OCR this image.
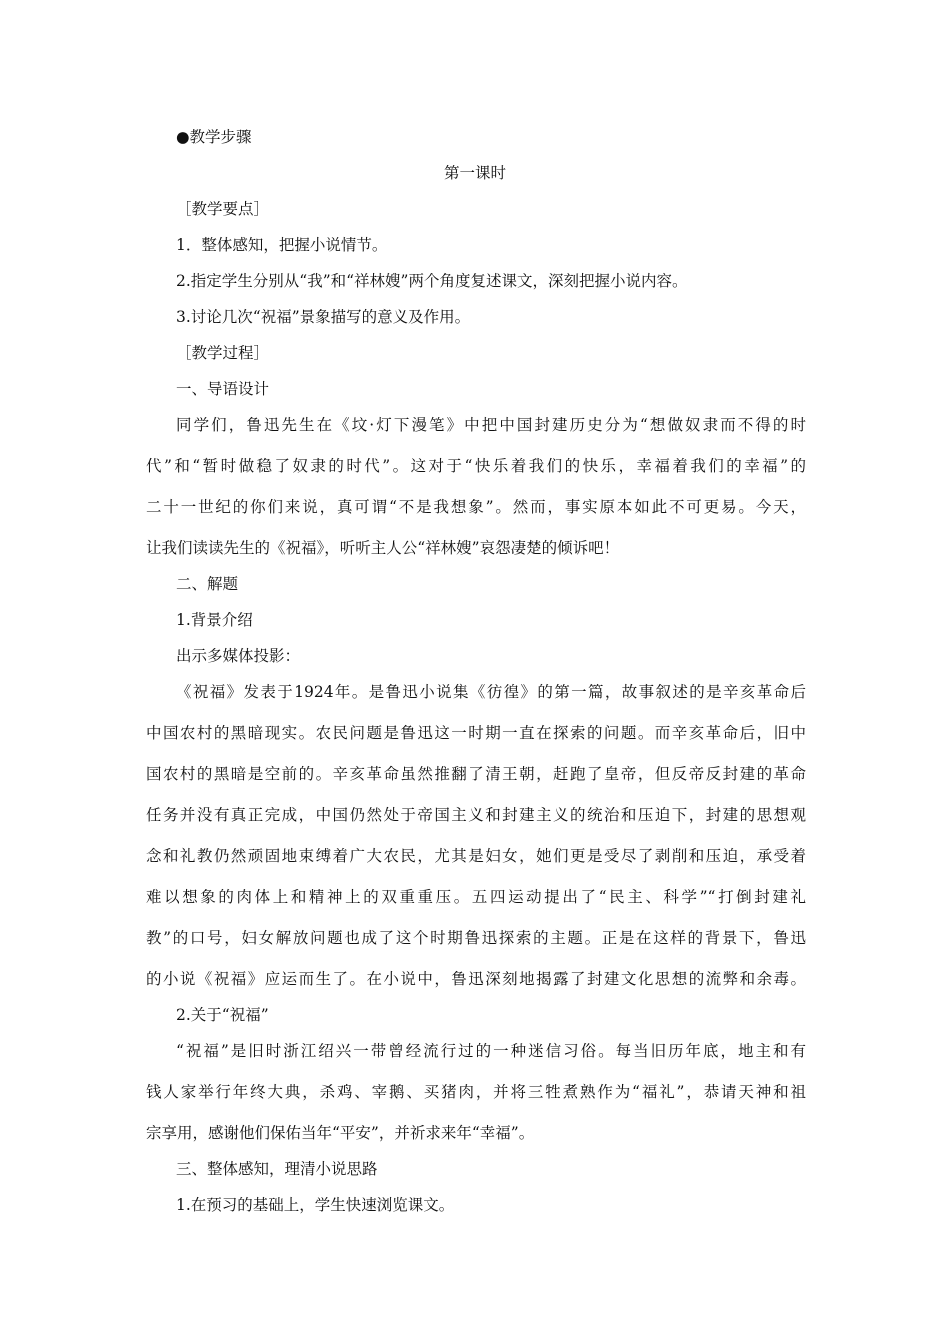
●教学步骤
第一课时
［教学要点］
1．整体感知，把握小说情节。
2.指定学生分别从“我”和“祥林嫂”两个角度复述课文，深刻把握小说内容。
3.讨论几次“祝福”景象描写的意义及作用。
［教学过程］
一、导语设计
同学们，鲁迅先生在《坟·灯下漫笔》中把中国封建历史分为“想做奴隶而不得的时
代”和“暂时做稳了奴隶的时代”。这对于“快乐着我们的快乐，幸福着我们的幸福”的
二十一世纪的你们来说，真可谓“不是我想象”。然而，事实原本如此不可更易。今天，
让我们读读先生的《祝福》，听听主人公“祥林嫂”哀怨凄楚的倾诉吧！
二、解题
1.背景介绍
出示多媒体投影：
《祝福》发表于1924年。是鲁迅小说集《彷徨》的第一篇，故事叙述的是辛亥革命后
中国农村的黑暗现实。农民问题是鲁迅这一时期一直在探索的问题。而辛亥革命后，旧中
国农村的黑暗是空前的。辛亥革命虽然推翻了清王朝，赶跑了皇帝，但反帝反封建的革命
任务并没有真正完成，中国仍然处于帝国主义和封建主义的统治和压迫下，封建的思想观
念和礼教仍然顽固地束缚着广大农民，尤其是妇女，她们更是受尽了剥削和压迫，承受着
难以想象的肉体上和精神上的双重重压。五四运动提出了“民主、科学”“打倒封建礼
教”的口号，妇女解放问题也成了这个时期鲁迅探索的主题。正是在这样的背景下，鲁迅
的小说《祝福》应运而生了。在小说中，鲁迅深刻地揭露了封建文化思想的流弊和余毒。
2.关于“祝福”
“祝福”是旧时浙江绍兴一带曾经流行过的一种迷信习俗。每当旧历年底，地主和有
钱人家举行年终大典，杀鸡、宰鹅、买猪肉，并将三牲煮熟作为“福礼”，恭请天神和祖
宗享用，感谢他们保佑当年“平安”，并祈求来年“幸福”。
三、整体感知，理清小说思路
1.在预习的基础上，学生快速浏览课文。
